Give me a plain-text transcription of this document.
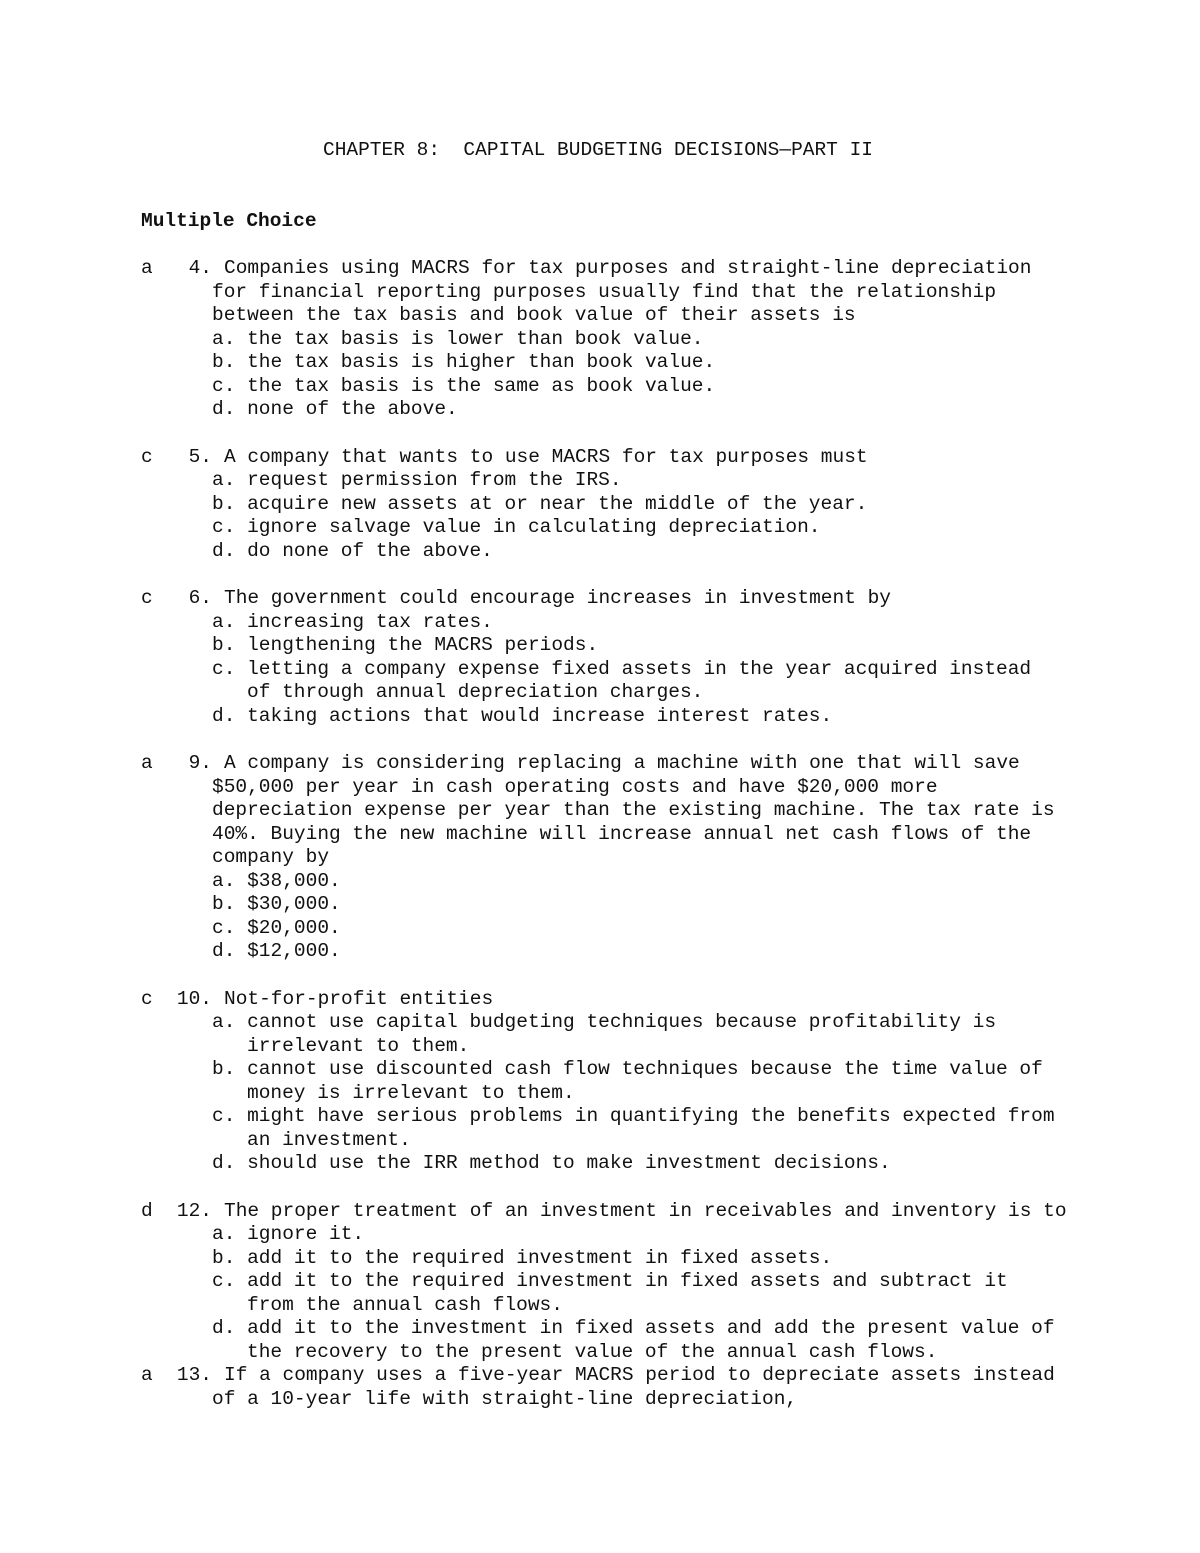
CHAPTER 8:  CAPITAL BUDGETING DECISIONS—PART II
Multiple Choice
a	4. Companies using MACRS for tax purposes and straight-line depreciation
for financial reporting purposes usually find that the relationship
between the tax basis and book value of their assets is
a. the tax basis is lower than book value.
b. the tax basis is higher than book value.
c. the tax basis is the same as book value.
d. none of the above.
c	5. A company that wants to use MACRS for tax purposes must
a. request permission from the IRS.
b. acquire new assets at or near the middle of the year.
c. ignore salvage value in calculating depreciation.
d. do none of the above.
c	6. The government could encourage increases in investment by
a. increasing tax rates.
b. lengthening the MACRS periods.
c. letting a company expense fixed assets in the year acquired instead
of through annual depreciation charges.
d. taking actions that would increase interest rates.
a	9. A company is considering replacing a machine with one that will save
$50,000 per year in cash operating costs and have $20,000 more
depreciation expense per year than the existing machine. The tax rate is
40%. Buying the new machine will increase annual net cash flows of the
company by
a. $38,000.
b. $30,000.
c. $20,000.
d. $12,000.
c	10. Not-for-profit entities
a. cannot use capital budgeting techniques because profitability is
irrelevant to them.
b. cannot use discounted cash flow techniques because the time value of
money is irrelevant to them.
c. might have serious problems in quantifying the benefits expected from
an investment.
d. should use the IRR method to make investment decisions.
d	12. The proper treatment of an investment in receivables and inventory is to
a. ignore it.
b. add it to the required investment in fixed assets.
c. add it to the required investment in fixed assets and subtract it
from the annual cash flows.
d. add it to the investment in fixed assets and add the present value of
the recovery to the present value of the annual cash flows.
a	13. If a company uses a five-year MACRS period to depreciate assets instead
of a 10-year life with straight-line depreciation,
